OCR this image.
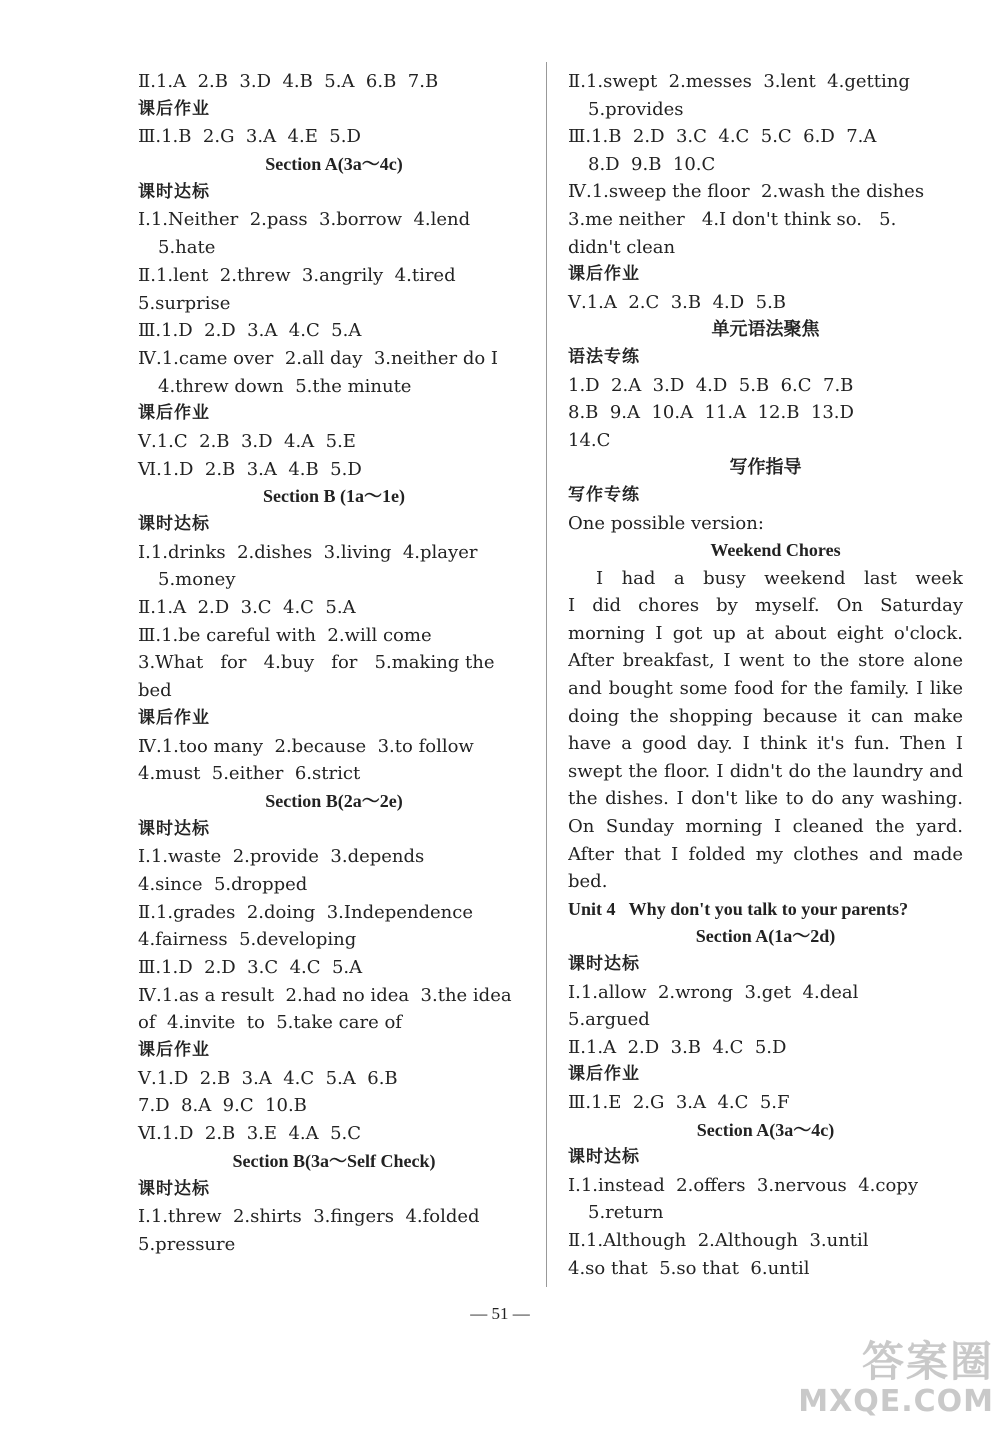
Ⅱ.1.A  2.B  3.D  4.B  5.A  6.B  7.B
课后作业
Ⅲ.1.B  2.G  3.A  4.E  5.D
Section A(3a～4c)
课时达标
Ⅰ.1.Neither  2.pass  3.borrow  4.lend
5.hate
Ⅱ.1.lent  2.threw  3.angrily  4.tired
5.surprise
Ⅲ.1.D  2.D  3.A  4.C  5.A
Ⅳ.1.came over  2.all day  3.neither do I
4.threw down  5.the minute
课后作业
Ⅴ.1.C  2.B  3.D  4.A  5.E
Ⅵ.1.D  2.B  3.A  4.B  5.D
Section B (1a～1e)
课时达标
Ⅰ.1.drinks  2.dishes  3.living  4.player
5.money
Ⅱ.1.A  2.D  3.C  4.C  5.A
Ⅲ.1.be careful with  2.will come
3.What   for   4.buy   for   5.making the
bed
课后作业
Ⅳ.1.too many  2.because  3.to follow
4.must  5.either  6.strict
Section B(2a～2e)
课时达标
Ⅰ.1.waste  2.provide  3.depends
4.since  5.dropped
Ⅱ.1.grades  2.doing  3.Independence
4.fairness  5.developing
Ⅲ.1.D  2.D  3.C  4.C  5.A
Ⅳ.1.as a result  2.had no idea  3.the idea
of  4.invite  to  5.take care of
课后作业
Ⅴ.1.D  2.B  3.A  4.C  5.A  6.B
7.D  8.A  9.C  10.B
Ⅵ.1.D  2.B  3.E  4.A  5.C
Section B(3a～Self Check)
课时达标
Ⅰ.1.threw  2.shirts  3.fingers  4.folded
5.pressure
Ⅱ.1.swept  2.messes  3.lent  4.getting
5.provides
Ⅲ.1.B  2.D  3.C  4.C  5.C  6.D  7.A
8.D  9.B  10.C
Ⅳ.1.sweep the floor  2.wash the dishes
3.me neither   4.I don't think so.   5.
didn't clean
课后作业
Ⅴ.1.A  2.C  3.B  4.D  5.B
单元语法聚焦
语法专练
1.D  2.A  3.D  4.D  5.B  6.C  7.B
8.B  9.A  10.A  11.A  12.B  13.D
14.C
写作指导
写作专练
One possible version:
Weekend Chores
I had a busy weekend last week
I did chores by myself. On Saturday
morning I got up at about eight o'clock.
After breakfast, I went to the store alone
and bought some food for the family. I like
doing the shopping because it can make
have a good day. I think it's fun. Then I
swept the floor. I didn't do the laundry and
the dishes. I don't like to do any washing.
On Sunday morning I cleaned the yard.
After that I folded my clothes and made
bed.
Unit 4   Why don't you talk to your parents?
Section A(1a～2d)
课时达标
Ⅰ.1.allow  2.wrong  3.get  4.deal
5.argued
Ⅱ.1.A  2.D  3.B  4.C  5.D
课后作业
Ⅲ.1.E  2.G  3.A  4.C  5.F
Section A(3a～4c)
课时达标
Ⅰ.1.instead  2.offers  3.nervous  4.copy
5.return
Ⅱ.1.Although  2.Although  3.until
4.so that  5.so that  6.until
— 51 —
答案圈
MXQE.COM
